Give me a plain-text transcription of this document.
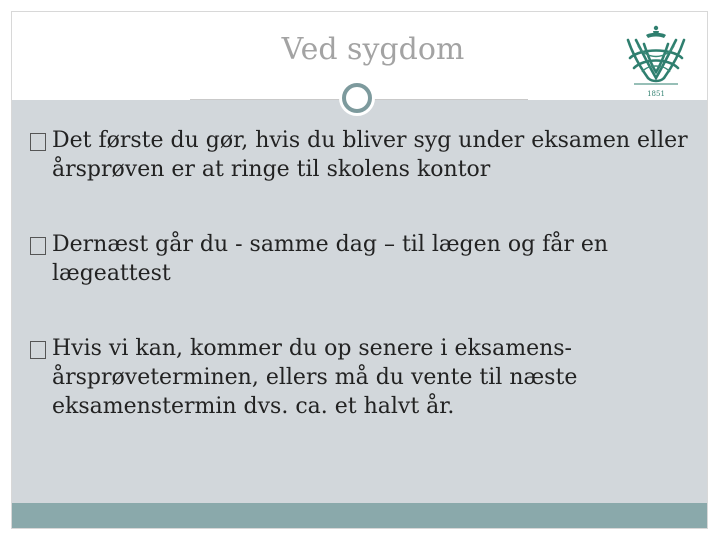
Ved sygdom
1851
Det første du gør, hvis du bliver syg under eksamen eller årsprøven er at ringe til skolens kontor
Dernæst går du - samme dag – til lægen og får en lægeattest
Hvis vi kan, kommer du op senere i eksamens-årsprøveterminen, ellers må du vente til næste eksamenstermin dvs. ca. et halvt år.
